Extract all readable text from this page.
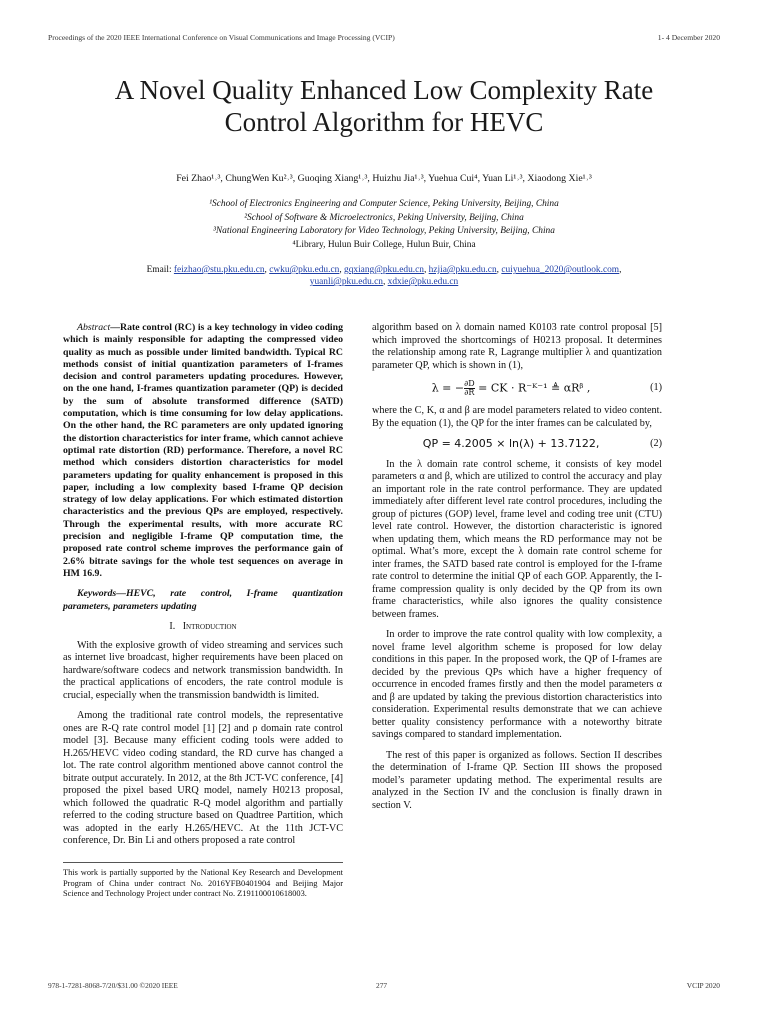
Proceedings of the 2020 IEEE International Conference on Visual Communications and Image Processing (VCIP)	1- 4 December 2020
A Novel Quality Enhanced Low Complexity Rate
Control Algorithm for HEVC
Fei Zhao¹˒³, ChungWen Ku²˒³, Guoqing Xiang¹˒³, Huizhu Jia¹˒³, Yuehua Cui⁴, Yuan Li¹˒³, Xiaodong Xie¹˒³
¹School of Electronics Engineering and Computer Science, Peking University, Beijing, China
²School of Software & Microelectronics, Peking University, Beijing, China
³National Engineering Laboratory for Video Technology, Peking University, Beijing, China
⁴Library, Hulun Buir College, Hulun Buir, China
Email: feizhao@stu.pku.edu.cn, cwku@pku.edu.cn, gqxiang@pku.edu.cn, hzjia@pku.edu.cn, cuiyuehua_2020@outlook.com,
yuanli@pku.edu.cn, xdxie@pku.edu.cn

Abstract—Rate control (RC) is a key technology in video coding which is mainly responsible for adapting the compressed video quality as much as possible under limited bandwidth. Typical RC methods consist of initial quantization parameters of I-frames decision and control parameters updating procedures. However, on the one hand, I-frames quantization parameter (QP) is decided by the sum of absolute transformed difference (SATD) computation, which is time consuming for low delay applications. On the other hand, the RC parameters are only updated ignoring the distortion characteristics for inter frame, which cannot achieve optimal rate distortion (RD) performance. Therefore, a novel RC method which considers distortion characteristics for model parameters updating for quality enhancement is proposed in this paper, including a low complexity based I-frame QP decision strategy of low delay applications. For which estimated distortion characteristics and the previous QPs are employed, respectively. Through the experimental results, with more accurate RC precision and negligible I-frame QP computation time, the proposed rate control scheme improves the performance gain of 2.6% bitrate savings for the whole test sequences on average in HM 16.9.

Keywords—HEVC, rate control, I-frame quantization parameters, parameters updating

I. Introduction

With the explosive growth of video streaming and services such as internet live broadcast, higher requirements have been placed on hardware/software codecs and network transmission bandwidth. In the practical applications of encoders, the rate control module is crucial, especially when the transmission bandwidth is limited.

Among the traditional rate control models, the representative ones are R-Q rate control model [1] [2] and ρ domain rate control model [3]. Because many efficient coding tools were added to H.265/HEVC video coding standard, the RD curve has changed a lot. The rate control algorithm mentioned above cannot control the bitrate output accurately. In 2012, at the 8th JCT-VC conference, [4] proposed the pixel based URQ model, namely H0213 proposal, which followed the quadratic R-Q model algorithm and partially referred to the coding structure based on Quadtree Partition, which was adopted in the early H.265/HEVC. At the 11th JCT-VC conference, Dr. Bin Li and others proposed a rate control

This work is partially supported by the National Key Research and Development Program of China under contract No. 2016YFB0401904 and Beijing Major Science and Technology Project under contract No. Z191100010618003.

algorithm based on λ domain named K0103 rate control proposal [5] which improved the shortcomings of H0213 proposal. It determines the relationship among rate R, Lagrange multiplier λ and quantization parameter QP, which is shown in (1),

λ = − $\frac{\partial D}{\partial R}$ = CK · R⁻ᴷ⁻¹ ≜ αRᵝ ,	(1)

where the C, K, α and β are model parameters related to video content. By the equation (1), the QP for the inter frames can be calculated by,

QP = 4.2005 × ln(λ) + 13.7122,	(2)

In the λ domain rate control scheme, it consists of key model parameters α and β, which are utilized to control the accuracy and play an important role in the rate control performance. They are updated immediately after different level rate control procedures, including the group of pictures (GOP) level, frame level and coding tree unit (CTU) level rate control. However, the distortion characteristic is ignored when updating them, which means the RD performance may not be optimal. What’s more, except the λ domain rate control scheme for inter frames, the SATD based rate control is employed for the I-frame rate control to determine the initial QP of each GOP. Apparently, the I-frame compression quality is only decided by the QP from its own frame characteristics, while also ignores the quality consistence between frames.

In order to improve the rate control quality with low complexity, a novel frame level algorithm scheme is proposed for low delay conditions in this paper. In the proposed work, the QP of I-frames are decided by the previous QPs which have a higher frequency of occurrence in encoded frames firstly and then the model parameters α and β are updated by taking the previous distortion characteristics into consideration. Experimental results demonstrate that we can achieve better quality consistency performance with a noteworthy bitrate savings compared to standard implementation.

The rest of this paper is organized as follows. Section II describes the determination of I-frame QP. Section III shows the proposed model’s parameter updating method. The experimental results are analyzed in the Section IV and the conclusion is finally drawn in section V.

978-1-7281-8068-7/20/$31.00 ©2020 IEEE	277	VCIP 2020
